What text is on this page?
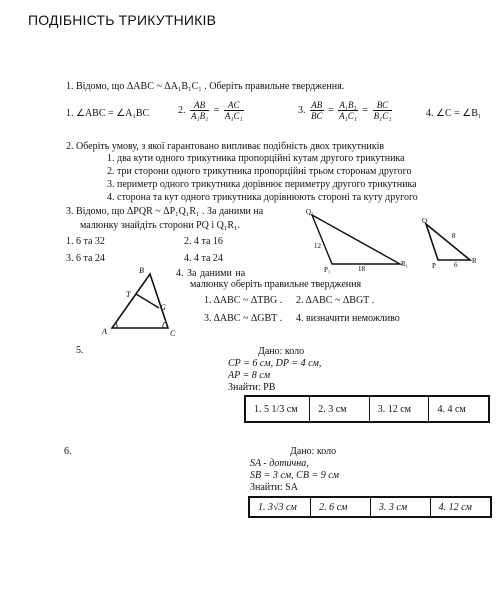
ПОДІБНІСТЬ ТРИКУТНИКІВ
1. Відомо, що ΔABC ~ ΔA₁B₁C₁ . Оберіть правильне твердження.
1. ∠ABC = ∠A₁BC	2. $\frac{AB}{\text{A₁B₁}} = \frac{AC}{\text{A₁C₁}}$	3. $\frac{AB}{BC} = \frac{\text{A₁B₁}}{\text{A₁C₁}} = \frac{BC}{\text{B₁C₁}}$	4. ∠C = ∠B₁
2. Оберіть умову, з якої гарантовано випливає подібність двох трикутників
1. два кути одного трикутника пропорційні кутам другого трикутника
2. три сторони одного трикутника пропорційні трьом сторонам другого
3. периметр одного трикутника дорівнює периметру другого трикутника
4. сторона та кут одного трикутника дорівнюють стороні та куту другого
3. Відомо, що ΔPQR ~ ΔP₁Q₁R₁ . За даними на
малюнку знайдіть сторони PQ і Q₁R₁.
1. 6 та 32	2. 4 та 16
3. 6 та 24	4. 4 та 24
Q₁
P₁
R₁
12
18
Q
P
R
8
6
B
A	C
T
G
4. За даними на
малюнку оберіть правильне твердження
1. ΔABC ~ ΔTBG . 2. ΔABC ~ ΔBGT .
3. ΔABC ~ ΔGBT . 4. визначити неможливо
5.	Дано: коло
CP = 6 см, DP = 4 см,
AP = 8 см
Знайти: PB
1. 5 1/3 см	2. 3 см	3. 12 см	4. 4 см
6.	Дано: коло
SA - дотична,
SB = 3 см, CB = 9 см
Знайти: SA
1. 3√3 см	2. 6 см	3. 3 см	4. 12 см
